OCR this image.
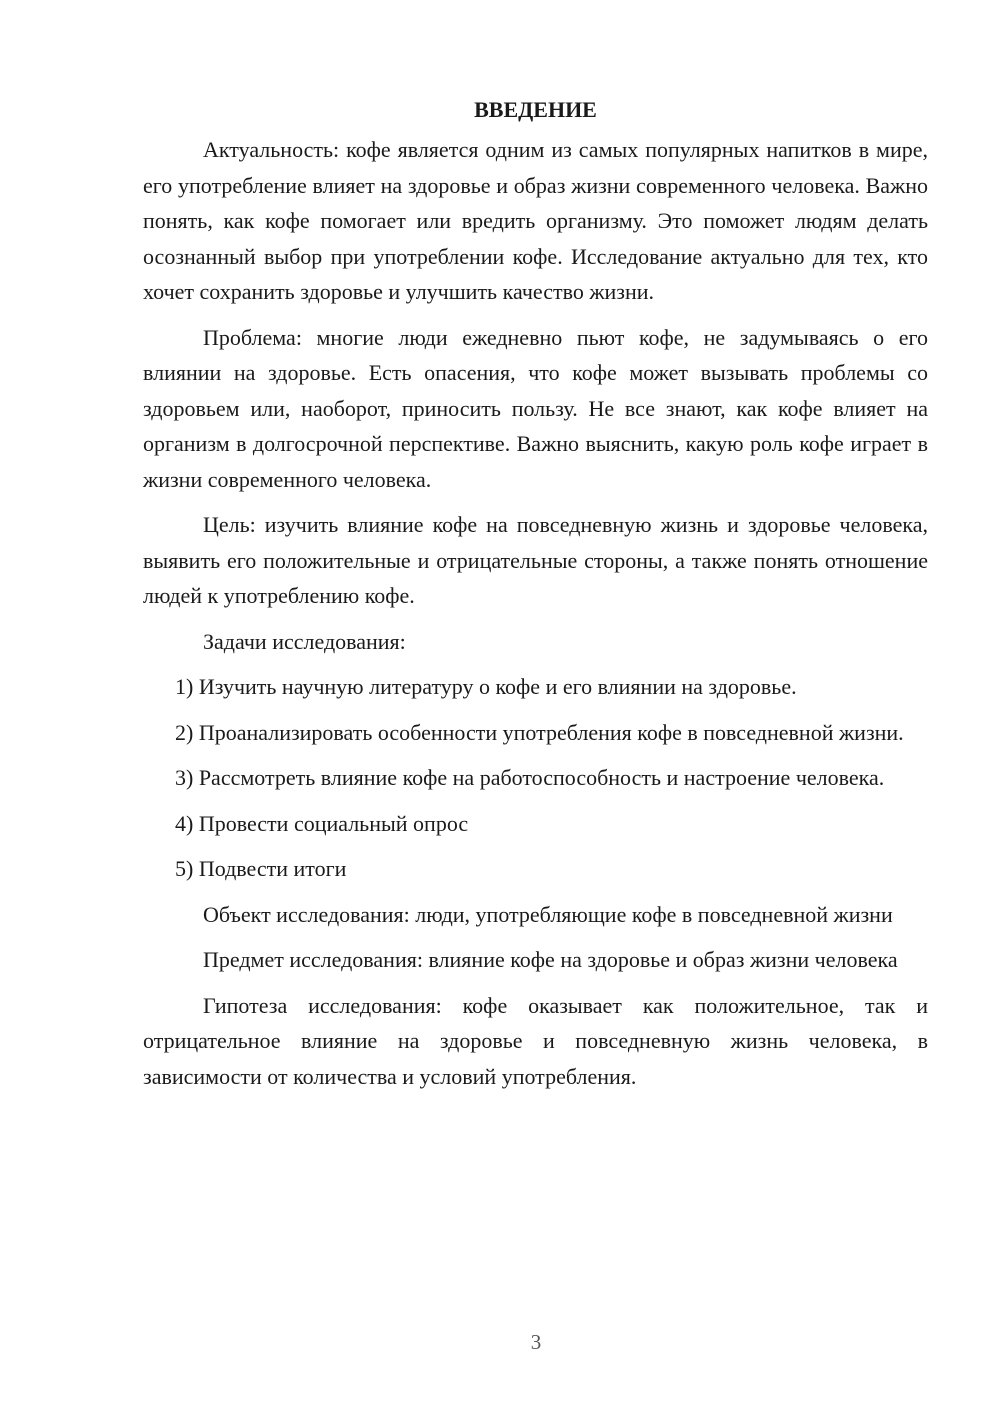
ВВЕДЕНИЕ

Актуальность: кофе является одним из самых популярных напитков в мире, его употребление влияет на здоровье и образ жизни современного человека. Важно понять, как кофе помогает или вредить организму. Это поможет людям делать осознанный выбор при употреблении кофе. Исследование актуально для тех, кто хочет сохранить здоровье и улучшить качество жизни.

Проблема: многие люди ежедневно пьют кофе, не задумываясь о его влиянии на здоровье. Есть опасения, что кофе может вызывать проблемы со здоровьем или, наоборот, приносить пользу. Не все знают, как кофе влияет на организм в долгосрочной перспективе. Важно выяснить, какую роль кофе играет в жизни современного человека.

Цель: изучить влияние кофе на повседневную жизнь и здоровье человека, выявить его положительные и отрицательные стороны, а также понять отношение людей к употреблению кофе.

Задачи исследования:

1) Изучить научную литературу о кофе и его влиянии на здоровье.

2) Проанализировать особенности употребления кофе в повседневной жизни.

3) Рассмотреть влияние кофе на работоспособность и настроение человека.

4) Провести социальный опрос

5) Подвести итоги

Объект исследования: люди, употребляющие кофе в повседневной жизни

Предмет исследования: влияние кофе на здоровье и образ жизни человека

Гипотеза исследования: кофе оказывает как положительное, так и отрицательное влияние на здоровье и повседневную жизнь человека, в зависимости от количества и условий употребления.

3
